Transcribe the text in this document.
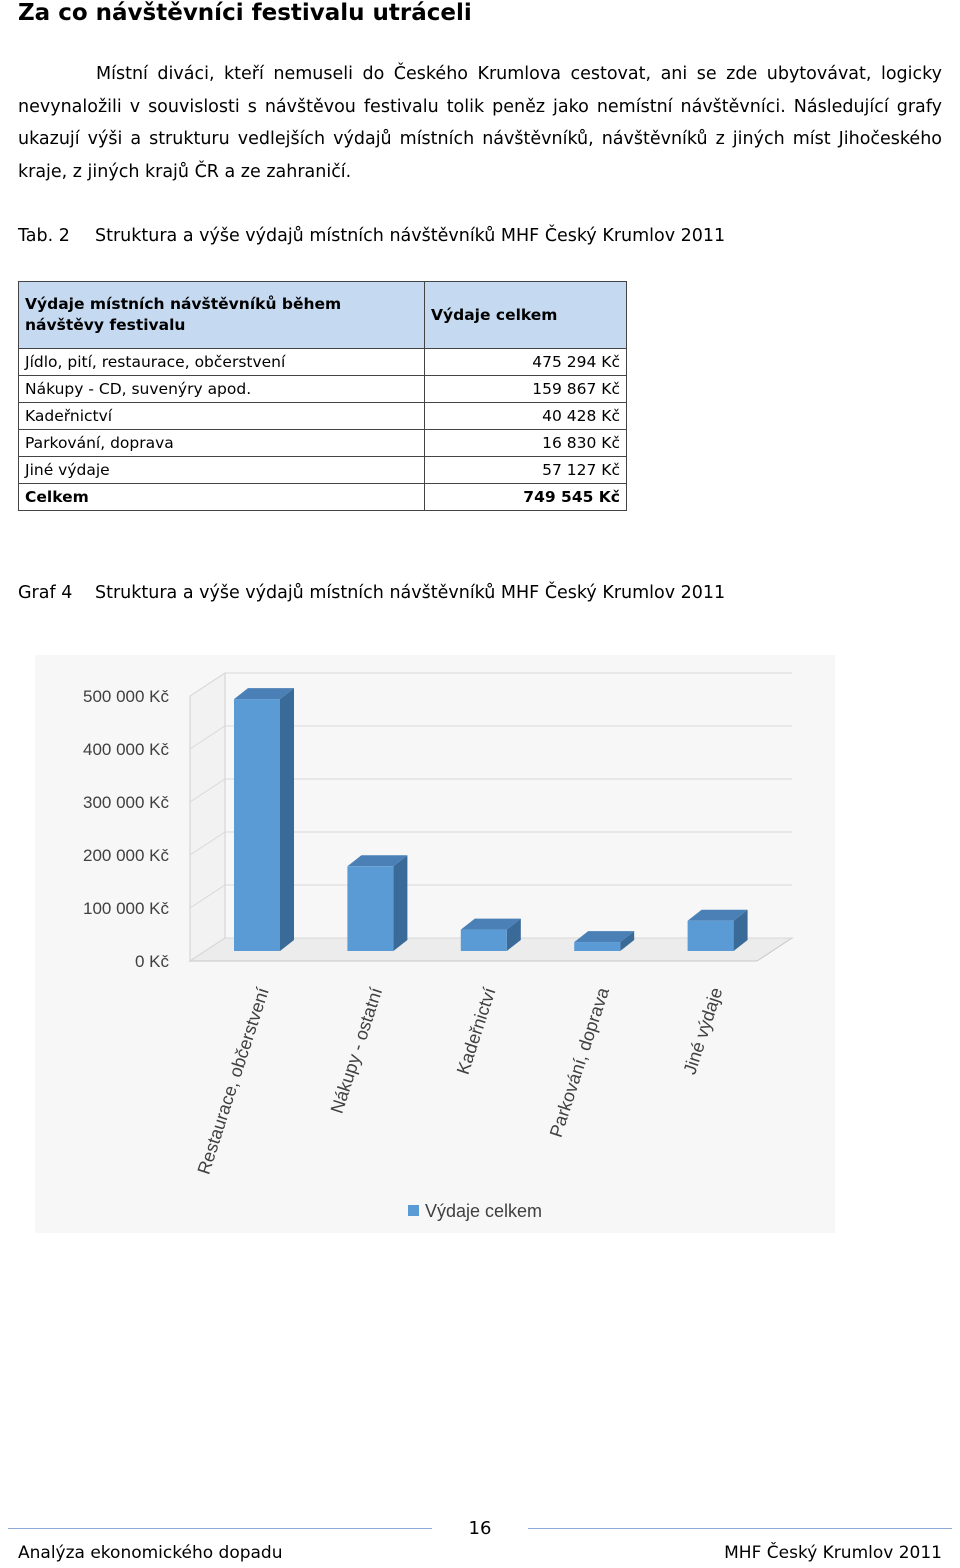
Za co návštěvníci festivalu utráceli
Místní diváci, kteří nemuseli do Českého Krumlova cestovat, ani se zde ubytovávat, logicky nevynaložili v souvislosti s návštěvou festivalu tolik peněz jako nemístní návštěvníci. Následující grafy ukazují výši a strukturu vedlejších výdajů místních návštěvníků, návštěvníků z jiných míst Jihočeského kraje, z jiných krajů ČR a ze zahraničí.
Tab. 2 Struktura a výše výdajů místních návštěvníků MHF Český Krumlov 2011
Výdaje místních návštěvníků během návštěvy festivalu	Výdaje celkem
Jídlo, pití, restaurace, občerstvení	475 294 Kč
Nákupy - CD, suvenýry apod.	159 867 Kč
Kadeřnictví	40 428 Kč
Parkování, doprava	16 830 Kč
Jiné výdaje	57 127 Kč
Celkem	749 545 Kč
Graf 4 Struktura a výše výdajů místních návštěvníků MHF Český Krumlov 2011
0 Kč
100 000 Kč
200 000 Kč
300 000 Kč
400 000 Kč
500 000 Kč
Restaurace, občerstvení	Nákupy - ostatní	Kadeřnictví	Parkování, doprava	Jiné výdaje
Výdaje celkem
16
Analýza ekonomického dopadu	MHF Český Krumlov 2011
